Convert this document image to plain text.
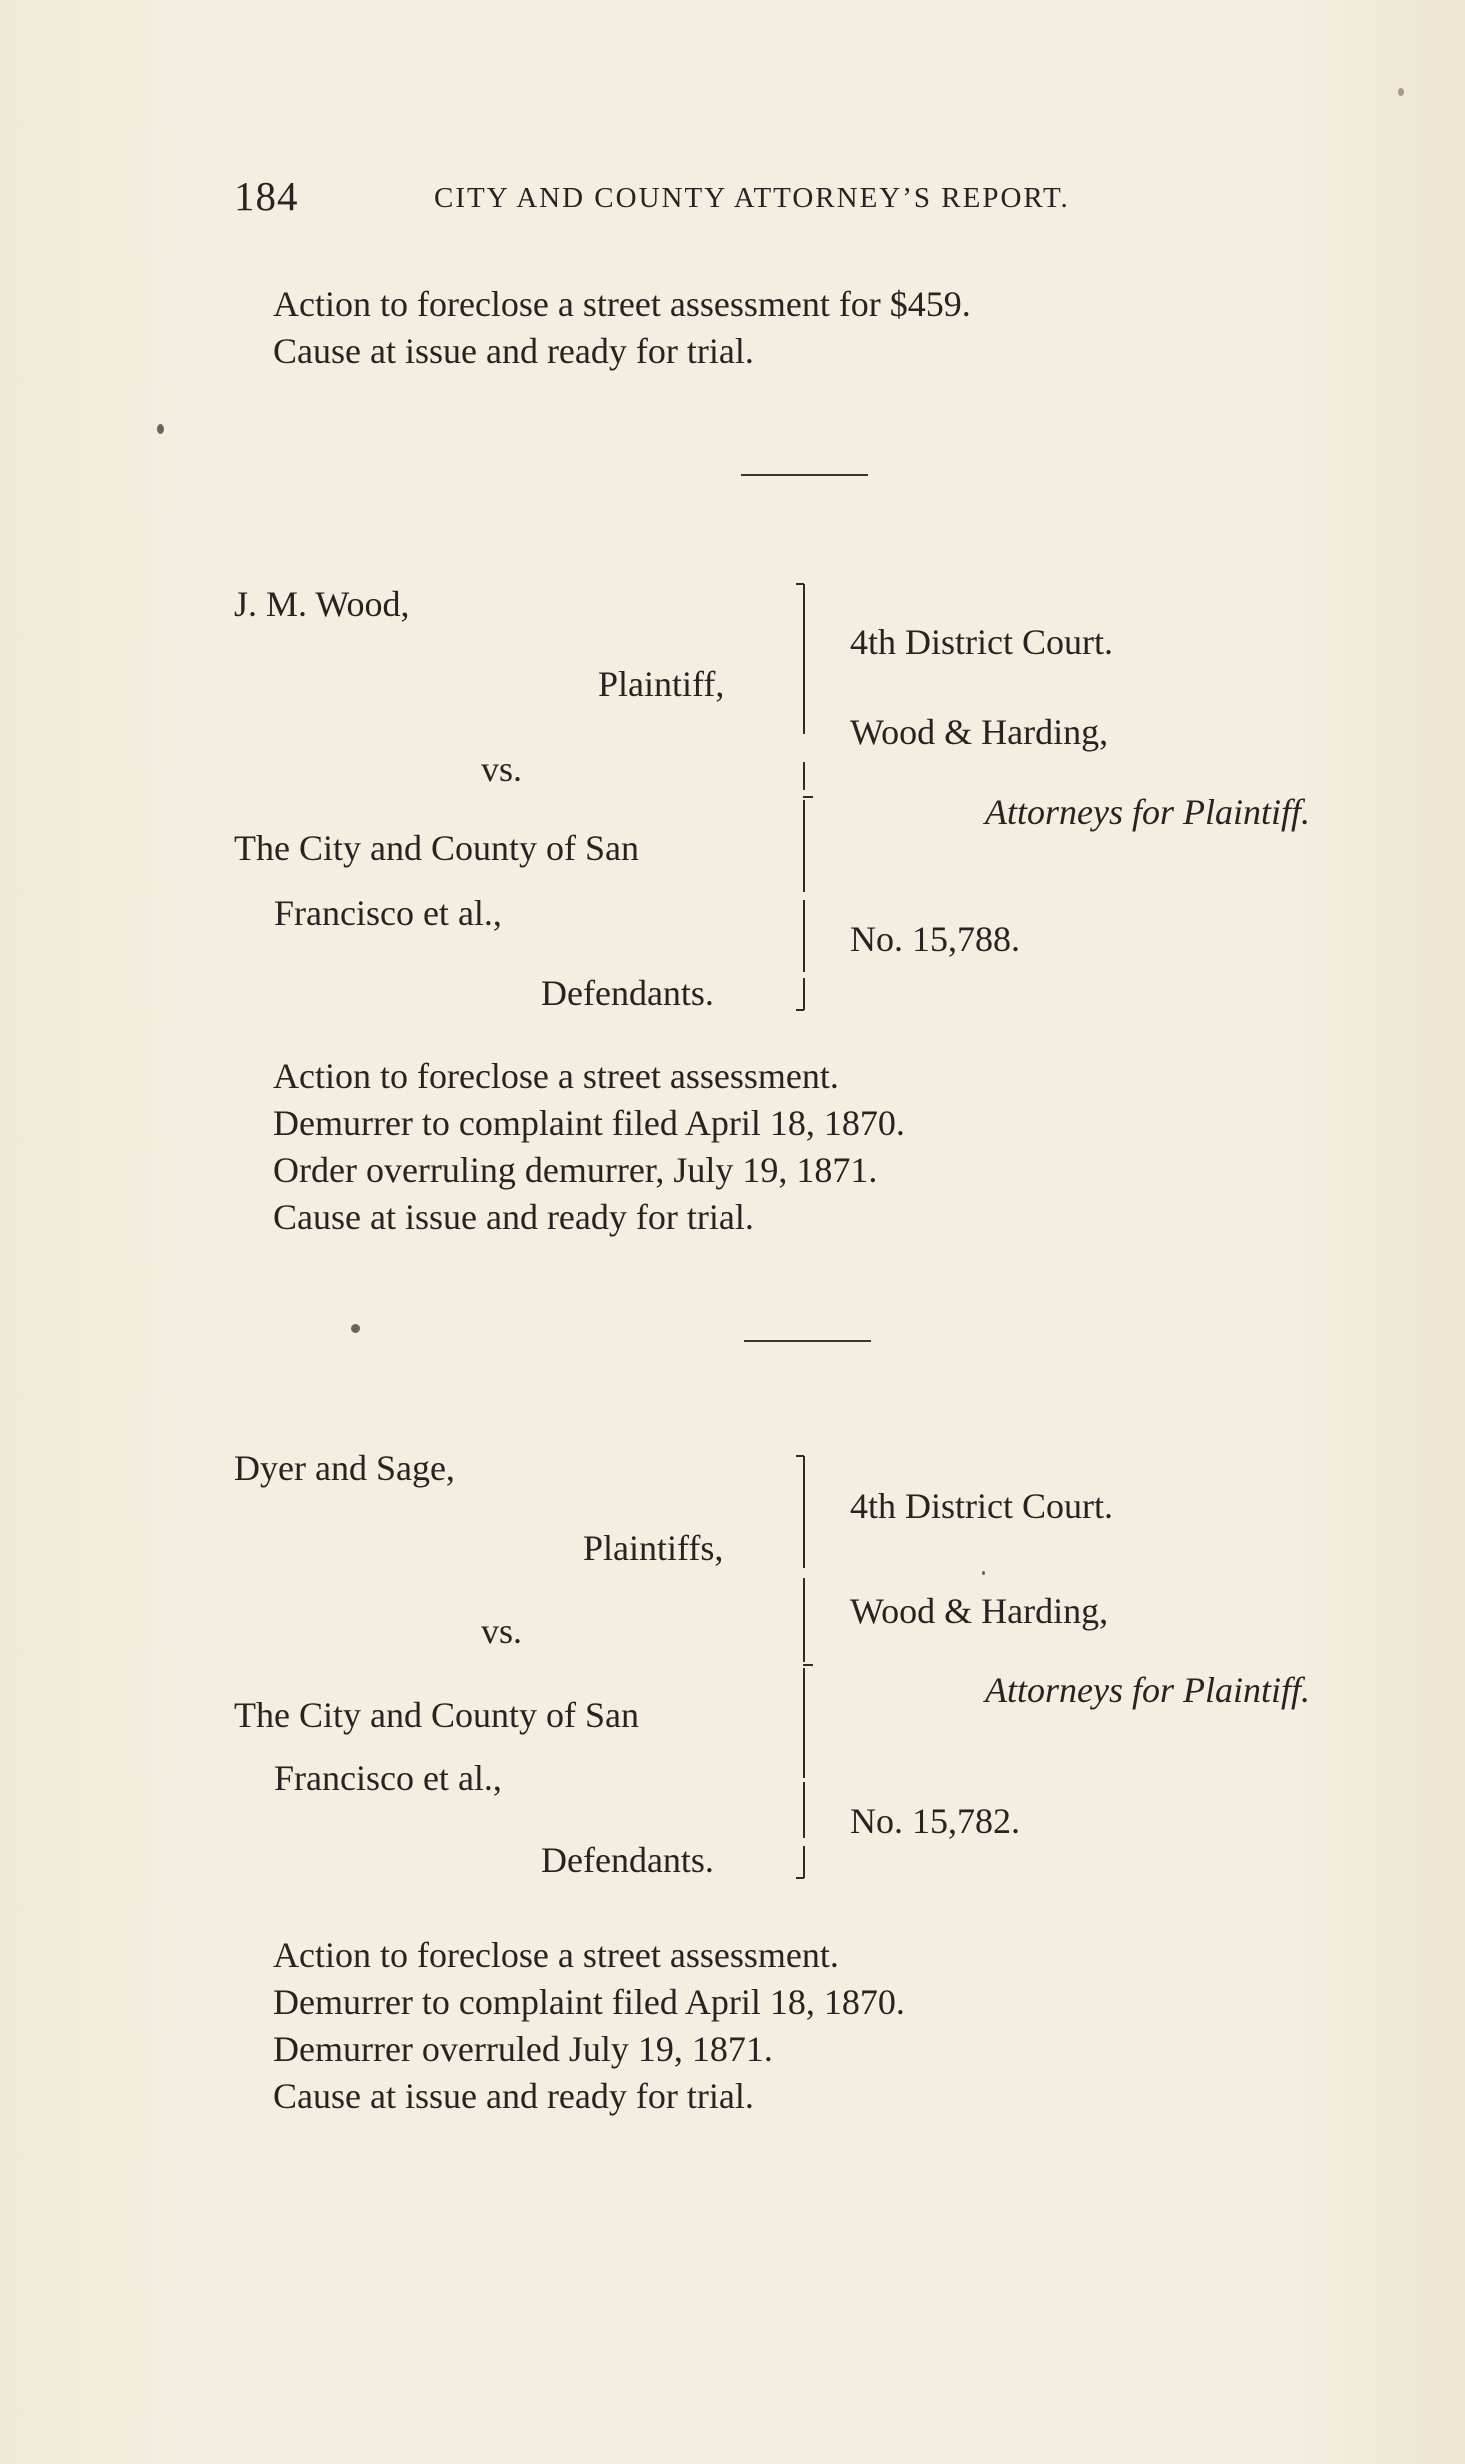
184	CITY AND COUNTY ATTORNEY’S REPORT.
Action to foreclose a street assessment for $459.
Cause at issue and ready for trial.
J. M. Wood,
Plaintiff,
vs.
The City and County of San
Francisco et al.,
Defendants.
4th District Court.
Wood & Harding,
Attorneys for Plaintiff.
No. 15,788.
Action to foreclose a street assessment.
Demurrer to complaint filed April 18, 1870.
Order overruling demurrer, July 19, 1871.
Cause at issue and ready for trial.
Dyer and Sage,
Plaintiffs,
vs.
The City and County of San
Francisco et al.,
Defendants.
4th District Court.
Wood & Harding,
Attorneys for Plaintiff.
No. 15,782.
Action to foreclose a street assessment.
Demurrer to complaint filed April 18, 1870.
Demurrer overruled July 19, 1871.
Cause at issue and ready for trial.
